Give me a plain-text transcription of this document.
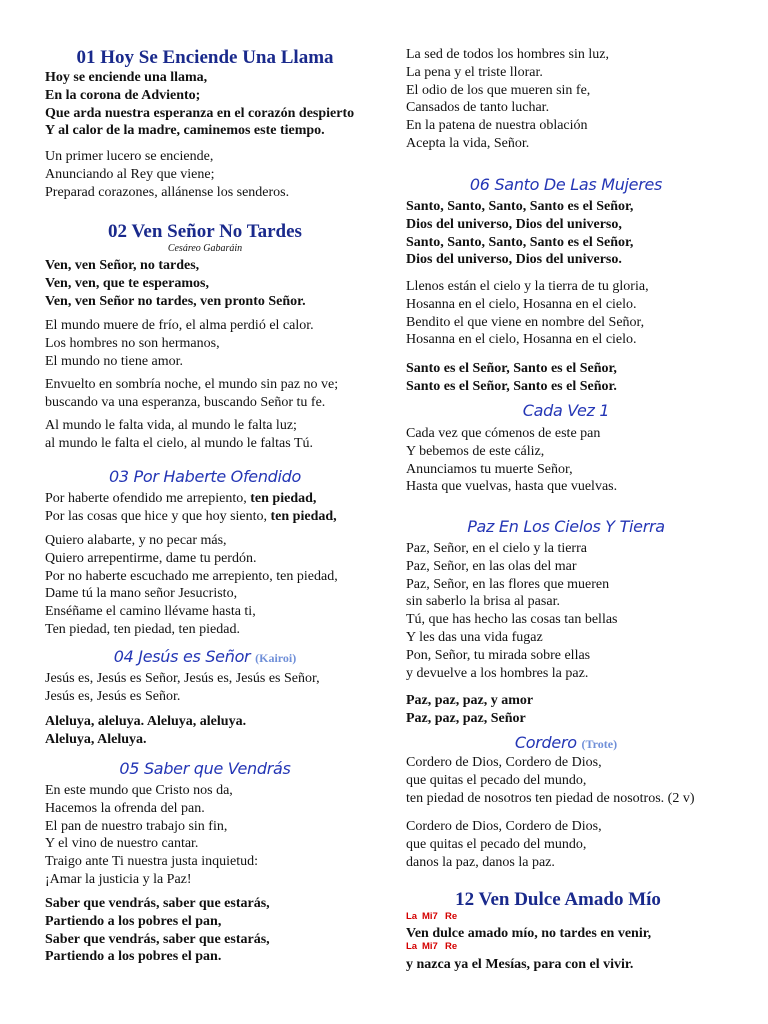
01 Hoy Se Enciende Una Llama
Hoy se enciende una llama,
En la corona de Adviento;
Que arda nuestra esperanza en el corazón despierto
Y al calor de la madre, caminemos este tiempo.
Un primer lucero se enciende,
Anunciando al Rey que viene;
Preparad corazones, allánense los senderos.
02 Ven Señor No Tardes
Cesáreo Gabaráin
Ven, ven Señor, no tardes,
Ven, ven, que te esperamos,
Ven, ven Señor no tardes, ven pronto Señor.
El mundo muere de frío, el alma perdió el calor.
Los hombres no son hermanos,
El mundo no tiene amor.
Envuelto en sombría noche, el mundo sin paz no ve;
buscando va una esperanza, buscando Señor tu fe.
Al mundo le falta vida, al mundo le falta luz;
al mundo le falta el cielo, al mundo le faltas Tú.
03 Por Haberte Ofendido
Por haberte ofendido me arrepiento, ten piedad,
Por las cosas que hice y que hoy siento, ten piedad,
Quiero alabarte, y no pecar más,
Quiero arrepentirme, dame tu perdón.
Por no haberte escuchado me arrepiento, ten piedad,
Dame tú la mano señor Jesucristo,
Enséñame el camino llévame hasta ti,
Ten piedad, ten piedad, ten piedad.
04 Jesús es Señor (Kairoi)
Jesús es, Jesús es Señor, Jesús es, Jesús es Señor,
Jesús es, Jesús es Señor.
Aleluya, aleluya. Aleluya, aleluya.
Aleluya, Aleluya.
05 Saber que Vendrás
En este mundo que Cristo nos da,
Hacemos la ofrenda del pan.
El pan de nuestro trabajo sin fin,
Y el vino de nuestro cantar.
Traigo ante Ti nuestra justa inquietud:
¡Amar la justicia y la Paz!
Saber que vendrás, saber que estarás,
Partiendo a los pobres el pan,
Saber que vendrás, saber que estarás,
Partiendo a los pobres el pan.
La sed de todos los hombres sin luz,
La pena y el triste llorar.
El odio de los que mueren sin fe,
Cansados de tanto luchar.
En la patena de nuestra oblación
Acepta la vida, Señor.
06 Santo De Las Mujeres
Santo, Santo, Santo, Santo es el Señor,
Dios del universo, Dios del universo,
Santo, Santo, Santo, Santo es el Señor,
Dios del universo, Dios del universo.
Llenos están el cielo y la tierra de tu gloria,
Hosanna en el cielo, Hosanna en el cielo.
Bendito el que viene en nombre del Señor,
Hosanna en el cielo, Hosanna en el cielo.
Santo es el Señor, Santo es el Señor,
Santo es el Señor, Santo es el Señor.
Cada Vez 1
Cada vez que cómenos de este pan
Y bebemos de este cáliz,
Anunciamos tu muerte Señor,
Hasta que vuelvas, hasta que vuelvas.
Paz En Los Cielos Y Tierra
Paz, Señor, en el cielo y la tierra
Paz, Señor, en las olas del mar
Paz, Señor, en las flores que mueren
sin saberlo la brisa al pasar.
Tú, que has hecho las cosas tan bellas
Y les das una vida fugaz
Pon, Señor, tu mirada sobre ellas
y devuelve a los hombres la paz.
Paz, paz, paz, y amor
Paz, paz, paz, Señor
Cordero (Trote)
Cordero de Dios, Cordero de Dios,
que quitas el pecado del mundo,
ten piedad de nosotros ten piedad de nosotros. (2 v)
Cordero de Dios, Cordero de Dios,
que quitas el pecado del mundo,
danos la paz, danos la paz.
12 Ven Dulce Amado Mío
La Mi7 Re
Ven dulce amado mío, no tardes en venir,
La Mi7 Re
y nazca ya el Mesías, para con el vivir.
